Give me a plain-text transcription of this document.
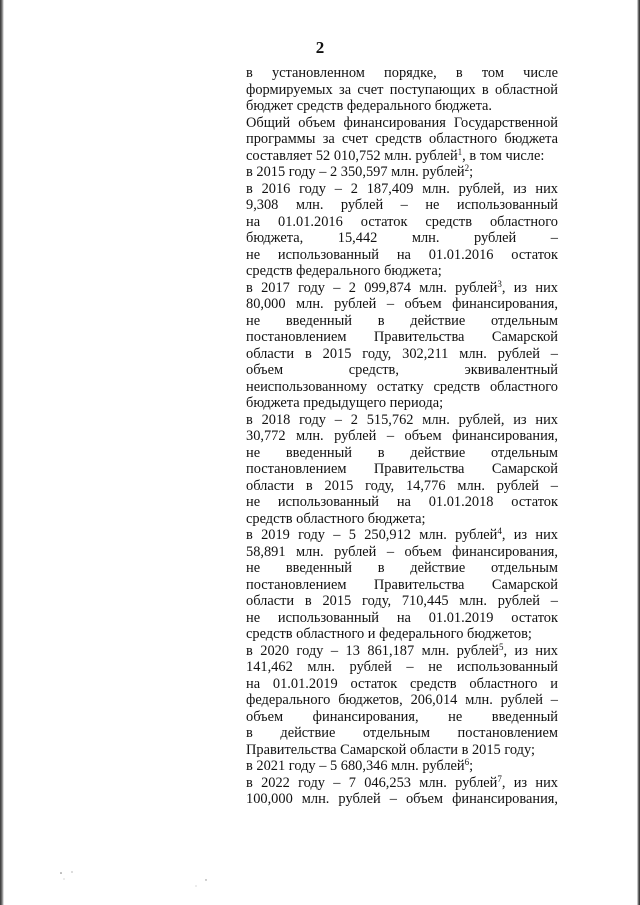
2
в установленном порядке, в том числе
формируемых за счет поступающих в областной
бюджет средств федерального бюджета.
Общий объем финансирования Государственной
программы за счет средств областного бюджета
составляет 52 010,752 млн. рублей$^1$, в том числе:
в 2015 году – 2 350,597 млн. рублей$^2$;
в 2016 году – 2 187,409 млн. рублей, из них
9,308 млн. рублей – не использованный
на 01.01.2016 остаток средств областного
бюджета, 15,442 млн. рублей –
не использованный на 01.01.2016 остаток
средств федерального бюджета;
в 2017 году – 2 099,874 млн. рублей$^3$, из них
80,000 млн. рублей – объем финансирования,
не введенный в действие отдельным
постановлением Правительства Самарской
области в 2015 году, 302,211 млн. рублей –
объем средств, эквивалентный
неиспользованному остатку средств областного
бюджета предыдущего периода;
в 2018 году – 2 515,762 млн. рублей, из них
30,772 млн. рублей – объем финансирования,
не введенный в действие отдельным
постановлением Правительства Самарской
области в 2015 году, 14,776 млн. рублей –
не использованный на 01.01.2018 остаток
средств областного бюджета;
в 2019 году – 5 250,912 млн. рублей$^4$, из них
58,891 млн. рублей – объем финансирования,
не введенный в действие отдельным
постановлением Правительства Самарской
области в 2015 году, 710,445 млн. рублей –
не использованный на 01.01.2019 остаток
средств областного и федерального бюджетов;
в 2020 году – 13 861,187 млн. рублей$^5$, из них
141,462 млн. рублей – не использованный
на 01.01.2019 остаток средств областного и
федерального бюджетов, 206,014 млн. рублей –
объем финансирования, не введенный
в действие отдельным постановлением
Правительства Самарской области в 2015 году;
в 2021 году – 5 680,346 млн. рублей$^6$;
в 2022 году – 7 046,253 млн. рублей$^7$, из них
100,000 млн. рублей – объем финансирования,
